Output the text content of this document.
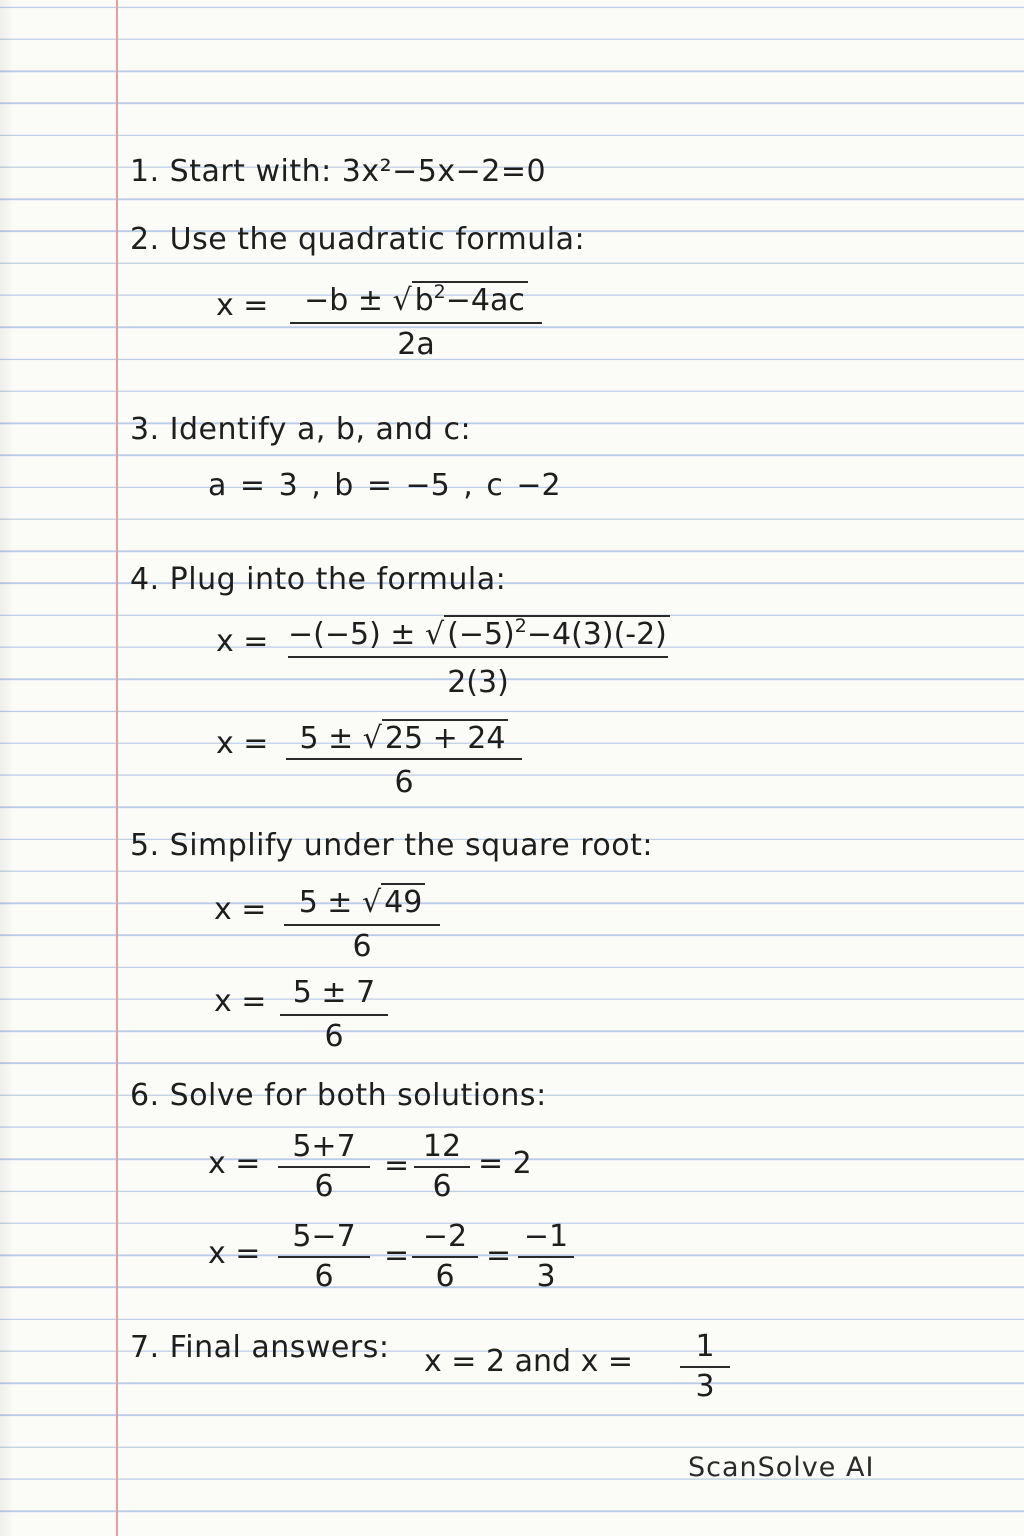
1. Start with: 3x²−5x−2=0
2. Use the quadratic formula:
x =	−b ± √ $b^2-4ac$
2a
3. Identify a, b, and c:
a = 3 , b = −5 , c −2
4. Plug into the formula:
x = −(−5) ± √ $(-5)^2-4(3)(-2)$
2(3)
x =	5 ± √ 25 + 24
6
5. Simplify under the square root:
x =	5 ± √ 49
6
x = 5 ± 7
6
6. Solve for both solutions:
x =	5+7
6
=
12
6
= 2
x =	5−7
6
=
−2
6
=
−1
3
7. Final answers: x = 2 and x =	1
3
ScanSolve AI
